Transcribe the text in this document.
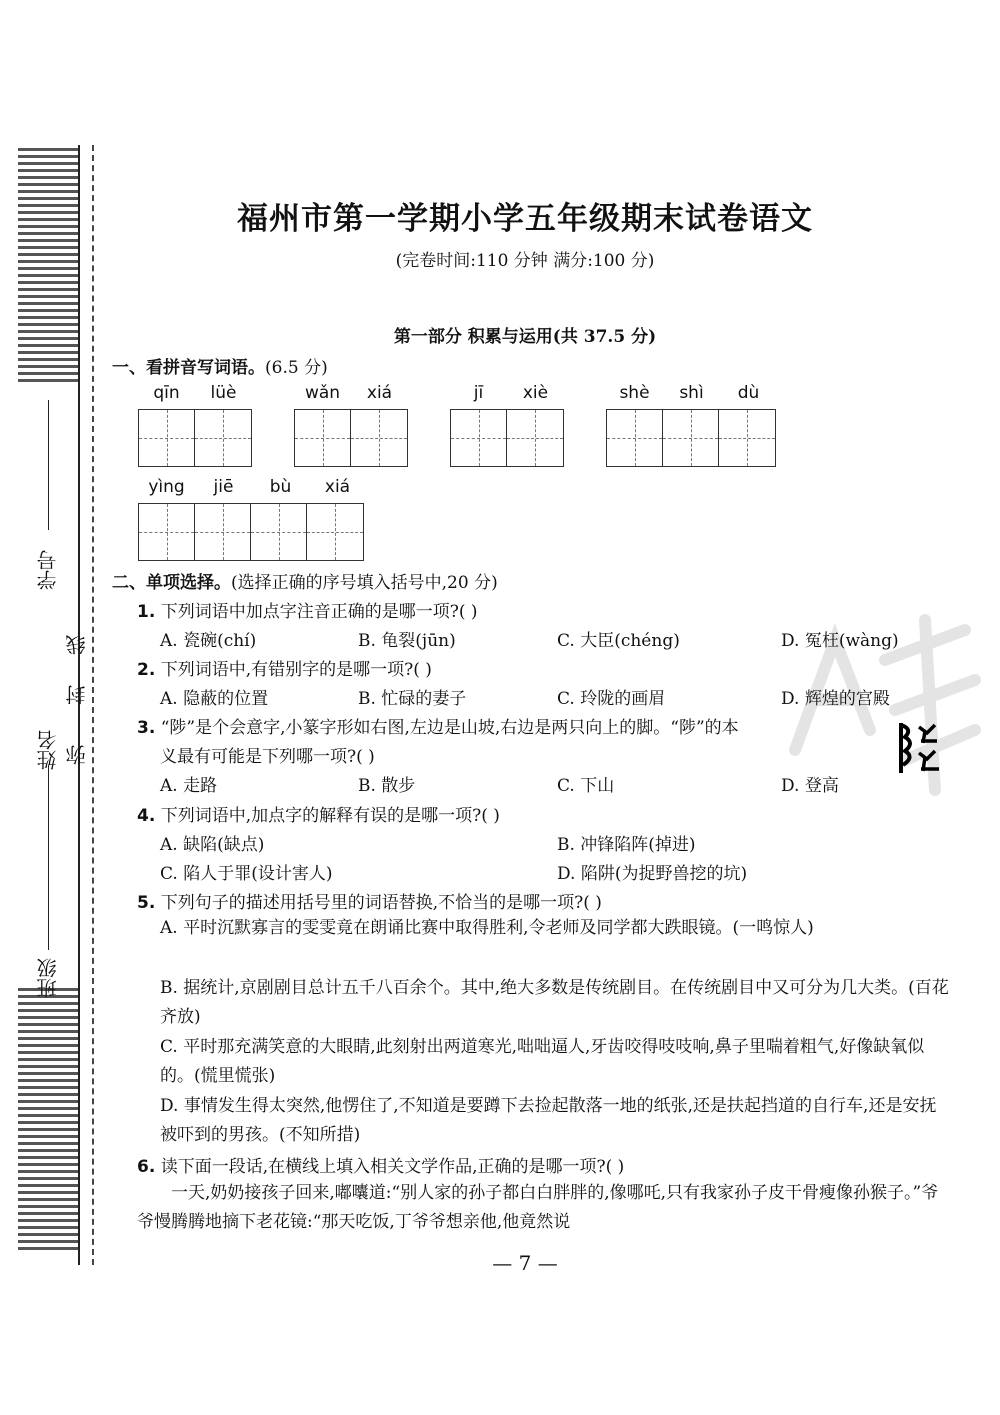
学号
姓名
班级
线
封
弥
福州市第一学期小学五年级期末试卷语文
(完卷时间:110 分钟 满分:100 分)
第一部分 积累与运用(共 37.5 分)
一、看拼音写词语。(6.5 分)
qīn	lüè	wǎn	xiá	jī	xiè	shè	shì	dù
yìng	jiē	bù	xiá
二、单项选择。(选择正确的序号填入括号中,20 分)
1. 下列词语中加点字注音正确的是哪一项?( )
A. 瓷碗(chí)	B. 龟裂(jūn)	C. 大臣(chéng)	D. 冤枉(wàng)
2. 下列词语中,有错别字的是哪一项?( )
A. 隐蔽的位置	B. 忙碌的妻子	C. 玲陇的画眉	D. 辉煌的宫殿
3. “陟”是个会意字,小篆字形如右图,左边是山坡,右边是两只向上的脚。“陟”的本
义最有可能是下列哪一项?( )
A. 走路	B. 散步	C. 下山	D. 登高
4. 下列词语中,加点字的解释有误的是哪一项?( )
A. 缺陷(缺点)	B. 冲锋陷阵(掉进)
C. 陷人于罪(设计害人)	D. 陷阱(为捉野兽挖的坑)
5. 下列句子的描述用括号里的词语替换,不恰当的是哪一项?( )
A. 平时沉默寡言的雯雯竟在朗诵比赛中取得胜利,令老师及同学都大跌眼镜。(一鸣惊人)
B. 据统计,京剧剧目总计五千八百余个。其中,绝大多数是传统剧目。在传统剧目中又可分为几大类。(百花齐放)
C. 平时那充满笑意的大眼睛,此刻射出两道寒光,咄咄逼人,牙齿咬得吱吱响,鼻子里喘着粗气,好像缺氧似的。(慌里慌张)
D. 事情发生得太突然,他愣住了,不知道是要蹲下去捡起散落一地的纸张,还是扶起挡道的自行车,还是安抚被吓到的男孩。(不知所措)
6. 读下面一段话,在横线上填入相关文学作品,正确的是哪一项?( )
一天,奶奶接孩子回来,嘟囔道:“别人家的孙子都白白胖胖的,像哪吒,只有我家孙子皮干骨瘦像孙猴子。”爷爷慢腾腾地摘下老花镜:“那天吃饭,丁爷爷想亲他,他竟然说
— 7 —
